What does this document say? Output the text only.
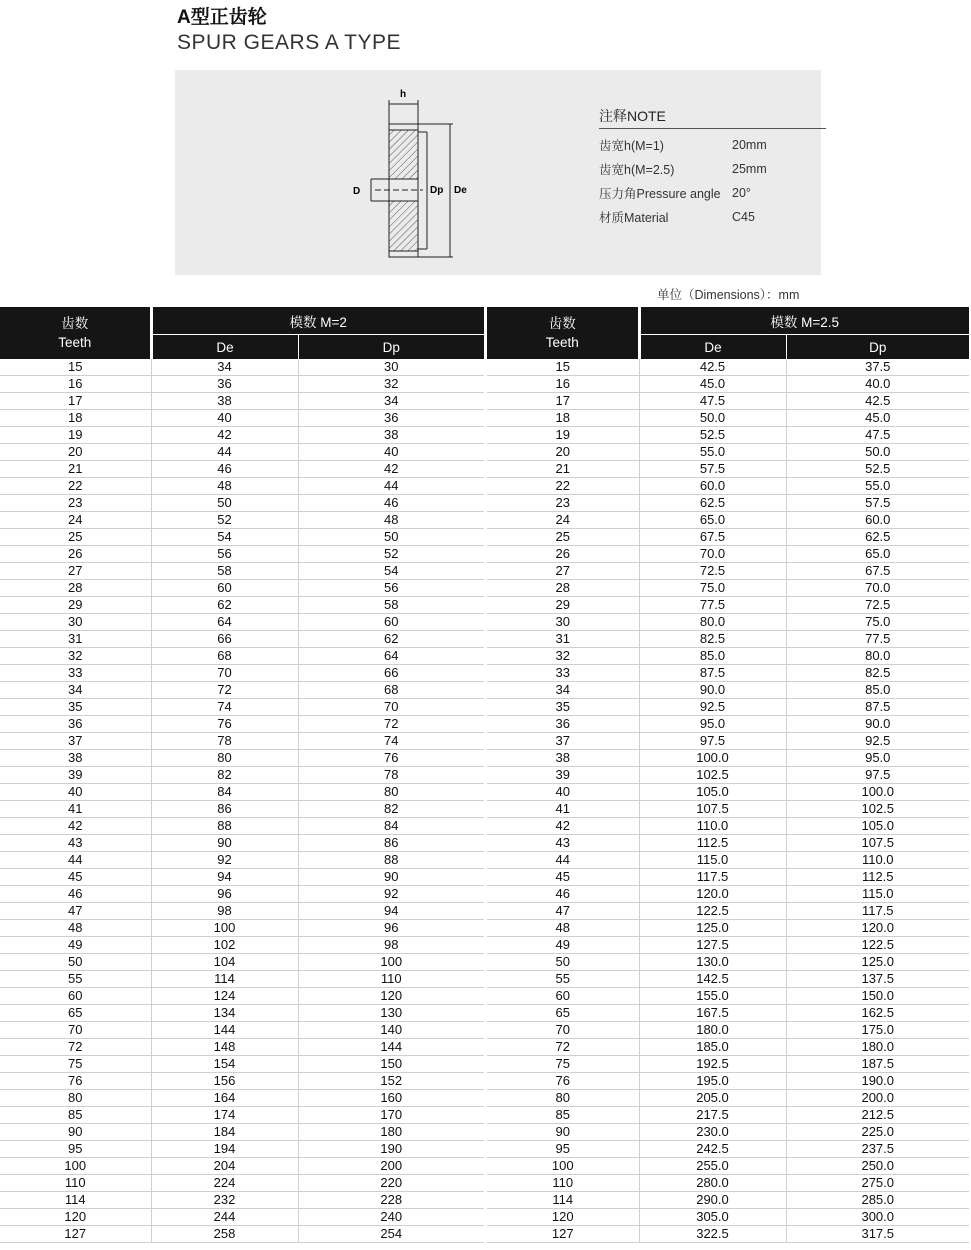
A型正齿轮
SPUR GEARS A TYPE
h
D	Dp De
注释NOTE
齿宽h(M=1)	20mm
齿宽h(M=2.5)	25mm
压力角Pressure angle 20°
材质Material	C45
单位（Dimensions）：mm
齿数
Teeth	模数 M=2	
	De	Dp
15	34	30
16	36	32
17	38	34
18	40	36
19	42	38
20	44	40
21	46	42
22	48	44
23	50	46
24	52	48
25	54	50
26	56	52
27	58	54
28	60	56
29	62	58
30	64	60
31	66	62
32	68	64
33	70	66
34	72	68
35	74	70
36	76	72
37	78	74
38	80	76
39	82	78
40	84	80
41	86	82
42	88	84
43	90	86
44	92	88
45	94	90
46	96	92
47	98	94
48	100	96
49	102	98
50	104	100
55	114	110
60	124	120
65	134	130
70	144	140
72	148	144
75	154	150
76	156	152
80	164	160
85	174	170
90	184	180
95	194	190
100	204	200
110	224	220
114	232	228
120	244	240
127	258	254
齿数
Teeth	模数 M=2.5	
	De	Dp
15	42.5	37.5
16	45.0	40.0
17	47.5	42.5
18	50.0	45.0
19	52.5	47.5
20	55.0	50.0
21	57.5	52.5
22	60.0	55.0
23	62.5	57.5
24	65.0	60.0
25	67.5	62.5
26	70.0	65.0
27	72.5	67.5
28	75.0	70.0
29	77.5	72.5
30	80.0	75.0
31	82.5	77.5
32	85.0	80.0
33	87.5	82.5
34	90.0	85.0
35	92.5	87.5
36	95.0	90.0
37	97.5	92.5
38	100.0	95.0
39	102.5	97.5
40	105.0	100.0
41	107.5	102.5
42	110.0	105.0
43	112.5	107.5
44	115.0	110.0
45	117.5	112.5
46	120.0	115.0
47	122.5	117.5
48	125.0	120.0
49	127.5	122.5
50	130.0	125.0
55	142.5	137.5
60	155.0	150.0
65	167.5	162.5
70	180.0	175.0
72	185.0	180.0
75	192.5	187.5
76	195.0	190.0
80	205.0	200.0
85	217.5	212.5
90	230.0	225.0
95	242.5	237.5
100	255.0	250.0
110	280.0	275.0
114	290.0	285.0
120	305.0	300.0
127	322.5	317.5
